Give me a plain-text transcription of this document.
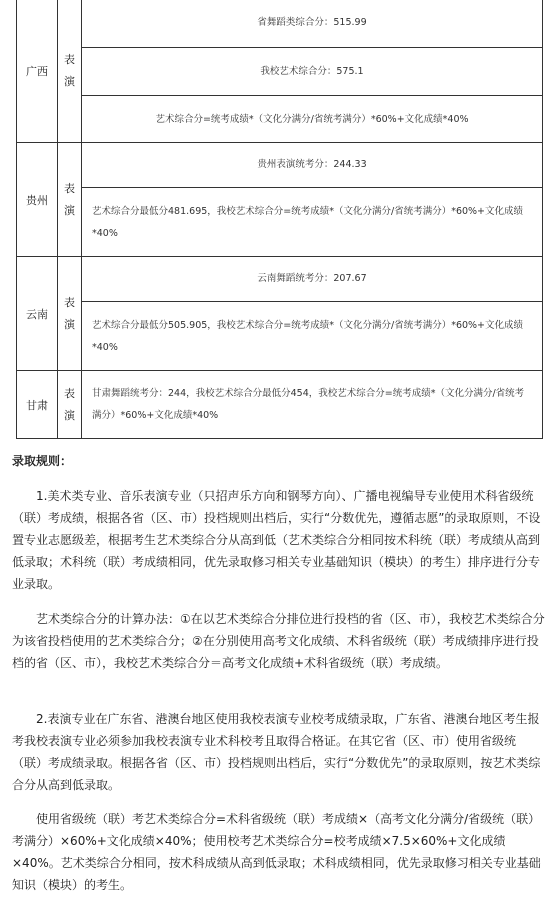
广西
表
演
省舞蹈类综合分：515.99
我校艺术综合分：575.1
艺术综合分=统考成绩*（文化分满分/省统考满分）*60%+文化成绩*40%
贵州
表
演
贵州表演统考分：244.33
艺术综合分最低分481.695，我校艺术综合分=统考成绩*（文化分满分/省统考满分）*60%+文化成绩*40%
云南
表
演
云南舞蹈统考分：207.67
艺术综合分最低分505.905，我校艺术综合分=统考成绩*（文化分满分/省统考满分）*60%+文化成绩*40%
甘肃
表
演
甘肃舞蹈统考分：244，我校艺术综合分最低分454，我校艺术综合分=统考成绩*（文化分满分/省统考满分）*60%+文化成绩*40%
录取规则：

1.美术类专业、音乐表演专业（只招声乐方向和钢琴方向）、广播电视编导专业使用术科省级统（联）考成绩，根据各省（区、市）投档规则出档后，实行“分数优先，遵循志愿”的录取原则，不设置专业志愿级差，根据考生艺术类综合分从高到低（艺术类综合分相同按术科统（联）考成绩从高到低录取；术科统（联）考成绩相同，优先录取修习相关专业基础知识（模块）的考生）排序进行分专业录取。

艺术类综合分的计算办法：①在以艺术类综合分排位进行投档的省（区、市），我校艺术类综合分为该省投档使用的艺术类综合分；②在分别使用高考文化成绩、术科省级统（联）考成绩排序进行投档的省（区、市），我校艺术类综合分＝高考文化成绩+术科省级统（联）考成绩。

2.表演专业在广东省、港澳台地区使用我校表演专业校考成绩录取，广东省、港澳台地区考生报考我校表演专业必须参加我校表演专业术科校考且取得合格证。在其它省（区、市）使用省级统（联）考成绩录取。根据各省（区、市）投档规则出档后，实行“分数优先”的录取原则，按艺术类综合分从高到低录取。

使用省级统（联）考艺术类综合分=术科省级统（联）考成绩×（高考文化分满分/省级统（联）考满分）×60%+文化成绩×40%；使用校考艺术类综合分=校考成绩×7.5×60%+文化成绩×40%。艺术类综合分相同，按术科成绩从高到低录取；术科成绩相同，优先录取修习相关专业基础知识（模块）的考生。
